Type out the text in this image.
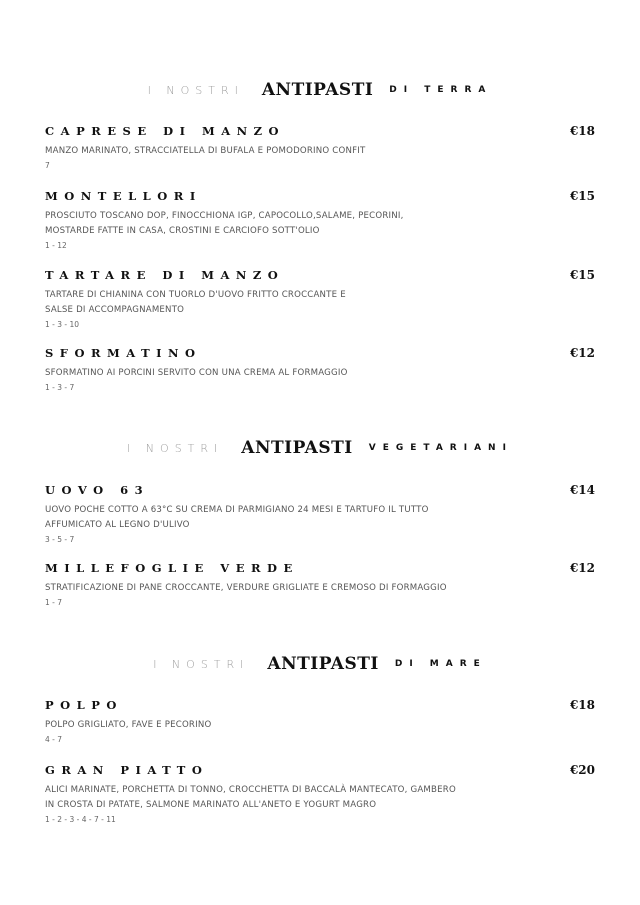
I NOSTRI ANTIPASTI DI TERRA
I NOSTRI ANTIPASTI VEGETARIANI
I NOSTRI ANTIPASTI DI MARE
CAPRESE DI MANZO	€18
MANZO MARINATO, STRACCIATELLA DI BUFALA E POMODORINO CONFIT
7
MONTELLORI	€15
PROSCIUTO TOSCANO DOP, FINOCCHIONA IGP, CAPOCOLLO,SALAME, PECORINI,
MOSTARDE FATTE IN CASA, CROSTINI E CARCIOFO SOTT'OLIO
1 - 12
TARTARE DI MANZO	€15
TARTARE DI CHIANINA CON TUORLO D'UOVO FRITTO CROCCANTE E
SALSE DI ACCOMPAGNAMENTO
1 - 3 - 10
SFORMATINO	€12
SFORMATINO AI PORCINI SERVITO CON UNA CREMA AL FORMAGGIO
1 - 3 - 7
UOVO 63	€14
UOVO POCHE COTTO A 63°C SU CREMA DI PARMIGIANO 24 MESI E TARTUFO IL TUTTO
AFFUMICATO AL LEGNO D'ULIVO
3 - 5 - 7
MILLEFOGLIE VERDE	€12
STRATIFICAZIONE DI PANE CROCCANTE, VERDURE GRIGLIATE E CREMOSO DI FORMAGGIO
1 - 7
POLPO	€18
POLPO GRIGLIATO, FAVE E PECORINO
4 - 7
GRAN PIATTO	€20
ALICI MARINATE, PORCHETTA DI TONNO, CROCCHETTA DI BACCALÀ MANTECATO, GAMBERO
IN CROSTA DI PATATE, SALMONE MARINATO ALL'ANETO E YOGURT MAGRO
1 - 2 - 3 - 4 - 7 - 11
